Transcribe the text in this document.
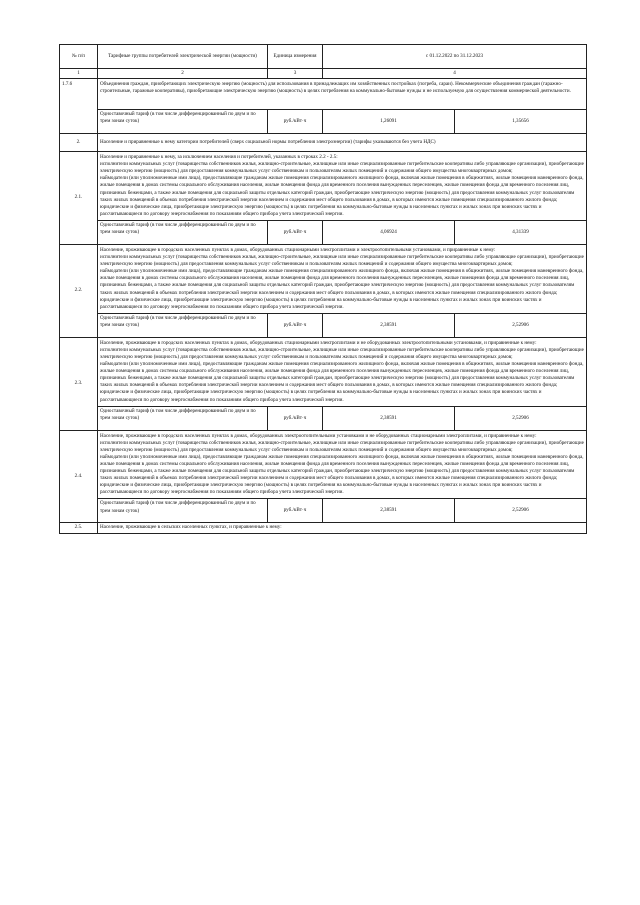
№ п/п	Тарифные группы потребителей электрической энергии (мощности)	Единица измерения	с 01.12.2022 по 31.12.2023	
1	2	3	4	
1.7.6	Объединения граждан, приобретающих электрическую энергию (мощность) для использования в принадлежащих им хозяйственных постройках (погреба, сараи). Некоммерческие объединения граждан (гаражно-строительные, гаражные кооперативы), приобретающие электрическую энергию (мощность) в целях потребления на коммунально-бытовые нужды и не используемую для осуществления коммерческой деятельности.			
	Одноставочный тариф (в том числе дифференцированный по двум и по трем зонам суток)	руб./кВт·ч	1,26091	1,35656
2.	Население и приравненные к нему категории потребителей (сверх социальной нормы потребления электроэнергии) (тарифы указываются без учета НДС)			
2.1.	Население и приравненные к нему, за исключением населения и потребителей, указанных в строках 2.2 - 2.5:

исполнители коммунальных услуг (товарищества собственников жилья, жилищно-строительные, жилищные или иные специализированные потребительские кооперативы либо управляющие организации), приобретающие электрическую энергию (мощность) для предоставления коммунальных услуг собственникам и пользователям жилых помещений и содержания общего имущества многоквартирных домов;

наймодатели (или уполномоченные ими лица), предоставляющие гражданам жилые помещения специализированного жилищного фонда, включая жилые помещения в общежитиях, жилые помещения маневренного фонда, жилые помещения в домах системы социального обслуживания населения, жилые помещения фонда для временного поселения вынужденных переселенцев, жилые помещения фонда для временного поселения лиц, признанных беженцами, а также жилые помещения для социальной защиты отдельных категорий граждан, приобретающие электрическую энергию (мощность) для предоставления коммунальных услуг пользователям таких жилых помещений в объемах потребления электрической энергии населением и содержания мест общего пользования в домах, в которых имеются жилые помещения специализированного жилого фонда;

юридические и физические лица, приобретающие электрическую энергию (мощность) в целях потребления на коммунально-бытовые нужды в населенных пунктах и жилых зонах при воинских частях и рассчитывающиеся по договору энергоснабжения по показаниям общего прибора учета электрической энергии.			

	Одноставочный тариф (в том числе дифференцированный по двум и по трем зонам суток)	руб./кВт·ч	4,06924	4,31339
2.2.	Население, проживающее в городских населенных пунктах в домах, оборудованных стационарными электроплитами и электроотопительными установками, и приравненные к нему:

исполнители коммунальных услуг (товарищества собственников жилья, жилищно-строительные, жилищные или иные специализированные потребительские кооперативы либо управляющие организации), приобретающие электрическую энергию (мощность) для предоставления коммунальных услуг собственникам и пользователям жилых помещений и содержания общего имущества многоквартирных домов;

наймодатели (или уполномоченные ими лица), предоставляющие гражданам жилые помещения специализированного жилищного фонда, включая жилые помещения в общежитиях, жилые помещения маневренного фонда, жилые помещения в домах системы социального обслуживания населения, жилые помещения фонда для временного поселения вынужденных переселенцев, жилые помещения фонда для временного поселения лиц, признанных беженцами, а также жилые помещения для социальной защиты отдельных категорий граждан, приобретающие электрическую энергию (мощность) для предоставления коммунальных услуг пользователям таких жилых помещений в объемах потребления электрической энергии населением и содержания мест общего пользования в домах, в которых имеются жилые помещения специализированного жилого фонда;

юридические и физические лица, приобретающие электрическую энергию (мощность) в целях потребления на коммунально-бытовые нужды в населенных пунктах и жилых зонах при воинских частях и рассчитывающиеся по договору энергоснабжения по показаниям общего прибора учета электрической энергии.			

	Одноставочный тариф (в том числе дифференцированный по двум и по трем зонам суток)	руб./кВт·ч	2,38591	2,52906
2.3.	Население, проживающее в городских населенных пунктах в домах, оборудованных стационарными электроплитами и не оборудованных электроотопительными установками, и приравненные к нему:

исполнители коммунальных услуг (товарищества собственников жилья, жилищно-строительные, жилищные или иные специализированные потребительские кооперативы либо управляющие организации), приобретающие электрическую энергию (мощность) для предоставления коммунальных услуг собственникам и пользователям жилых помещений и содержания общего имущества многоквартирных домов;

наймодатели (или уполномоченные ими лица), предоставляющие гражданам жилые помещения специализированного жилищного фонда, включая жилые помещения в общежитиях, жилые помещения маневренного фонда, жилые помещения в домах системы социального обслуживания населения, жилые помещения фонда для временного поселения вынужденных переселенцев, жилые помещения фонда для временного поселения лиц, признанных беженцами, а также жилые помещения для социальной защиты отдельных категорий граждан, приобретающие электрическую энергию (мощность) для предоставления коммунальных услуг пользователям таких жилых помещений в объемах потребления электрической энергии населением и содержания мест общего пользования в домах, в которых имеются жилые помещения специализированного жилого фонда;

юридические и физические лица, приобретающие электрическую энергию (мощность) в целях потребления на коммунально-бытовые нужды в населенных пунктах и жилых зонах при воинских частях и рассчитывающиеся по договору энергоснабжения по показаниям общего прибора учета электрической энергии.			

	Одноставочный тариф (в том числе дифференцированный по двум и по трем зонам суток)	руб./кВт·ч	2,38591	2,52906
2.4.	Население, проживающее в городских населенных пунктах в домах, оборудованных электроотопительными установками и не оборудованных стационарными электроплитами, и приравненные к нему:

исполнители коммунальных услуг (товарищества собственников жилья, жилищно-строительные, жилищные или иные специализированные потребительские кооперативы либо управляющие организации), приобретающие электрическую энергию (мощность) для предоставления коммунальных услуг собственникам и пользователям жилых помещений и содержания общего имущества многоквартирных домов;

наймодатели (или уполномоченные ими лица), предоставляющие гражданам жилые помещения специализированного жилищного фонда, включая жилые помещения в общежитиях, жилые помещения маневренного фонда, жилые помещения в домах системы социального обслуживания населения, жилые помещения фонда для временного поселения вынужденных переселенцев, жилые помещения фонда для временного поселения лиц, признанных беженцами, а также жилые помещения для социальной защиты отдельных категорий граждан, приобретающие электрическую энергию (мощность) для предоставления коммунальных услуг пользователям таких жилых помещений в объемах потребления электрической энергии населением и содержания мест общего пользования в домах, в которых имеются жилые помещения специализированного жилого фонда;

юридические и физические лица, приобретающие электрическую энергию (мощность) в целях потребления на коммунально-бытовые нужды в населенных пунктах и жилых зонах при воинских частях и рассчитывающиеся по договору энергоснабжения по показаниям общего прибора учета электрической энергии.			

	Одноставочный тариф (в том числе дифференцированный по двум и по трем зонам суток)	руб./кВт·ч	2,38591	2,52906
2.5.	Население, проживающее в сельских населенных пунктах, и приравненные к нему:			
